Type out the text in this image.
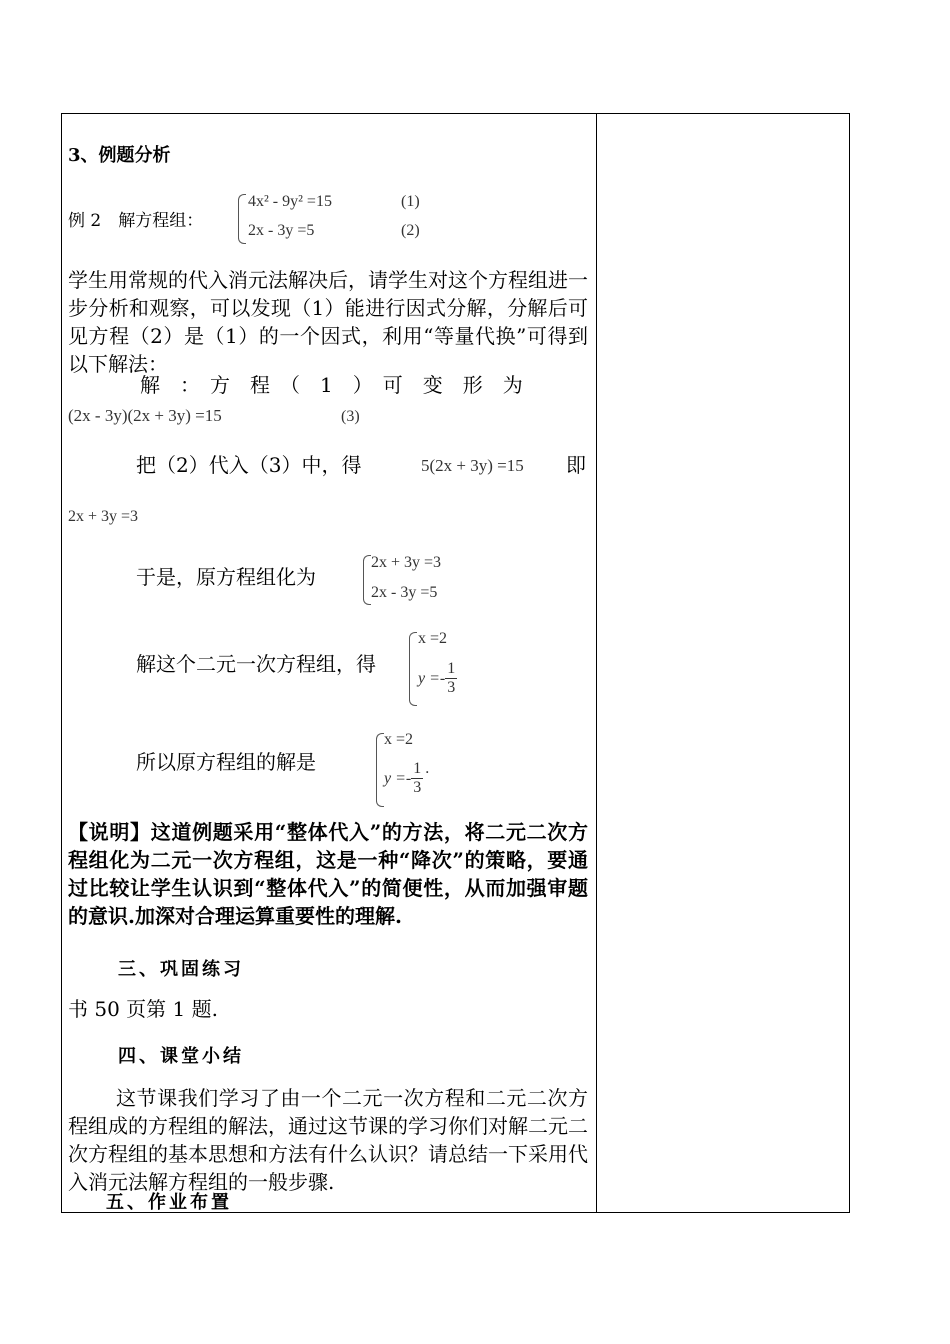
3、例题分析
例 2　解方程组：
4x² - 9y² =15	(1)
2x - 3y =5	(2)
学生用常规的代入消元法解决后，请学生对这个方程组进一步分析和观察，可以发现（1）能进行因式分解，分解后可见方程（2）是（1）的一个因式，利用“等量代换”可得到以下解法：
解　：　方　程　（　1　）　可　变　形　为
(2x - 3y)(2x + 3y) =15	(3)
把（2）代入（3）中，得	5(2x + 3y) =15 即
2x + 3y =3
于是，原方程组化为
2x + 3y =3
2x - 3y =5
解这个二元一次方程组，得
x =2
$y =- \frac{1}{3}$
所以原方程组的解是
x =2
$y =- \frac{1}{3}$ .
【说明】这道例题采用“整体代入”的方法，将二元二次方程组化为二元一次方程组，这是一种“降次”的策略，要通过比较让学生认识到“整体代入”的简便性，从而加强审题的意识.加深对合理运算重要性的理解.
三、巩固练习
书 50 页第 1 题.
四、课堂小结
这节课我们学习了由一个二元一次方程和二元二次方程组成的方程组的解法，通过这节课的学习你们对解二元二次方程组的基本思想和方法有什么认识？请总结一下采用代入消元法解方程组的一般步骤.
五、作业布置
